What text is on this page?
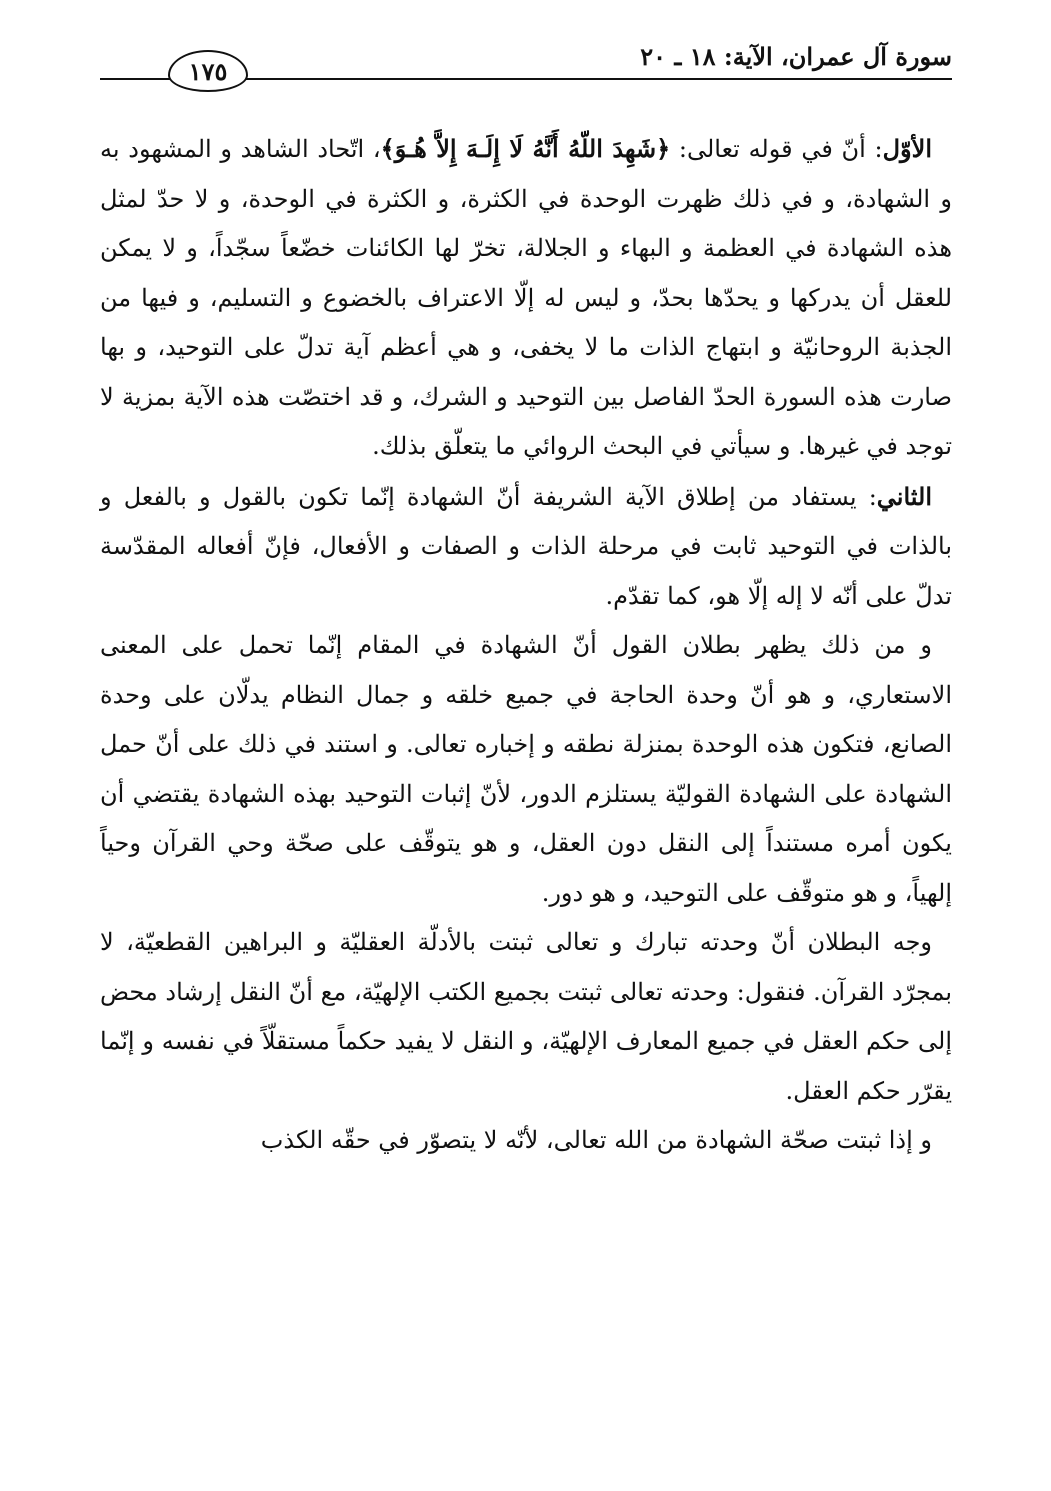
سورة آل عمران، الآية: ١٨ ـ ٢٠
١٧٥

الأوّل: أنّ في قوله تعالى: ﴿شَهِدَ اللّهُ أَنَّهُ لَا إِلَـهَ إِلاَّ هُـوَ﴾، اتّحاد الشاهد و المشهود به و الشهادة، و في ذلك ظهرت الوحدة في الكثرة، و الكثرة في الوحدة، و لا حدّ لمثل هذه الشهادة في العظمة و البهاء و الجلالة، تخرّ لها الكائنات خضّعاً سجّداً، و لا يمكن للعقل أن يدركها و يحدّها بحدّ، و ليس له إلّا الاعتراف بالخضوع و التسليم، و فيها من الجذبة الروحانيّة و ابتهاج الذات ما لا يخفى، و هي أعظم آية تدلّ على التوحيد، و بها صارت هذه السورة الحدّ الفاصل بين التوحيد و الشرك، و قد اختصّت هذه الآية بمزية لا توجد في غيرها. و سيأتي في البحث الروائي ما يتعلّق بذلك.

الثاني: يستفاد من إطلاق الآية الشريفة أنّ الشهادة إنّما تكون بالقول و بالفعل و بالذات في التوحيد ثابت في مرحلة الذات و الصفات و الأفعال، فإنّ أفعاله المقدّسة تدلّ على أنّه لا إله إلّا هو، كما تقدّم.

و من ذلك يظهر بطلان القول أنّ الشهادة في المقام إنّما تحمل على المعنى الاستعاري، و هو أنّ وحدة الحاجة في جميع خلقه و جمال النظام يدلّان على وحدة الصانع، فتكون هذه الوحدة بمنزلة نطقه و إخباره تعالى. و استند في ذلك على أنّ حمل الشهادة على الشهادة القوليّة يستلزم الدور، لأنّ إثبات التوحيد بهذه الشهادة يقتضي أن يكون أمره مستنداً إلى النقل دون العقل، و هو يتوقّف على صحّة وحي القرآن وحياً إلهياً، و هو متوقّف على التوحيد، و هو دور.

وجه البطلان أنّ وحدته تبارك و تعالى ثبتت بالأدلّة العقليّة و البراهين القطعيّة، لا بمجرّد القرآن. فنقول: وحدته تعالى ثبتت بجميع الكتب الإلهيّة، مع أنّ النقل إرشاد محض إلى حكم العقل في جميع المعارف الإلهيّة، و النقل لا يفيد حكماً مستقلّاً في نفسه و إنّما يقرّر حكم العقل.

و إذا ثبتت صحّة الشهادة من الله تعالى، لأنّه لا يتصوّر في حقّه الكذب
